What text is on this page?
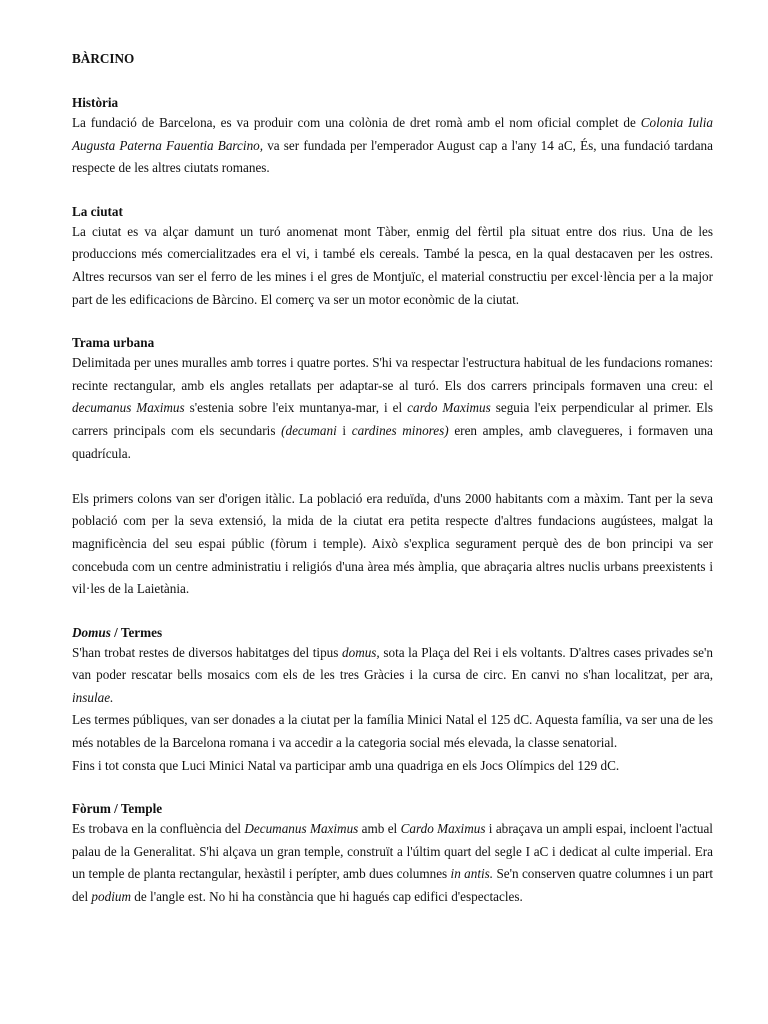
BÀRCINO
Història

La fundació de Barcelona, es va produir com una colònia de dret romà amb el nom oficial complet de Colonia Iulia Augusta Paterna Fauentia Barcino, va ser fundada per l'emperador August cap a l'any 14 aC, És, una fundació tardana respecte de les altres ciutats romanes.

La ciutat

La ciutat es va alçar damunt un turó anomenat mont Tàber, enmig del fèrtil pla situat entre dos rius. Una de les produccions més comercialitzades era el vi, i també els cereals. També la pesca, en la qual destacaven per les ostres. Altres recursos van ser el ferro de les mines i el gres de Montjuïc, el material constructiu per excel·lència per a la major part de les edificacions de Bàrcino. El comerç va ser un motor econòmic de la ciutat.

Trama urbana

Delimitada per unes muralles amb torres i quatre portes. S'hi va respectar l'estructura habitual de les fundacions romanes: recinte rectangular, amb els angles retallats per adaptar-se al turó. Els dos carrers principals formaven una creu: el decumanus Maximus s'estenia sobre l'eix muntanya-mar, i el cardo Maximus seguia l'eix perpendicular al primer. Els carrers principals com els secundaris (decumani i cardines minores) eren amples, amb clavegueres, i formaven una quadrícula.

Els primers colons van ser d'origen itàlic. La població era reduïda, d'uns 2000 habitants com a màxim. Tant per la seva població com per la seva extensió, la mida de la ciutat era petita respecte d'altres fundacions augústees, malgat la magnificència del seu espai públic (fòrum i temple). Això s'explica segurament perquè des de bon principi va ser concebuda com un centre administratiu i religiós d'una àrea més àmplia, que abraçaria altres nuclis urbans preexistents i vil·les de la Laietània.

Domus / Termes

S'han trobat restes de diversos habitatges del tipus domus, sota la Plaça del Rei i els voltants. D'altres cases privades se'n van poder rescatar bells mosaics com els de les tres Gràcies i la cursa de circ. En canvi no s'han localitzat, per ara, insulae.

Les termes públiques, van ser donades a la ciutat per la família Minici Natal el 125 dC. Aquesta família, va ser una de les més notables de la Barcelona romana i va accedir a la categoria social més elevada, la classe senatorial.

Fins i tot consta que Luci Minici Natal va participar amb una quadriga en els Jocs Olímpics del 129 dC.

Fòrum / Temple

Es trobava en la confluència del Decumanus Maximus amb el Cardo Maximus i abraçava un ampli espai, incloent l'actual palau de la Generalitat. S'hi alçava un gran temple, construït a l'últim quart del segle I aC i dedicat al culte imperial. Era un temple de planta rectangular, hexàstil i perípter, amb dues columnes in antis. Se'n conserven quatre columnes i un part del podium de l'angle est. No hi ha constància que hi hagués cap edifici d'espectacles.
